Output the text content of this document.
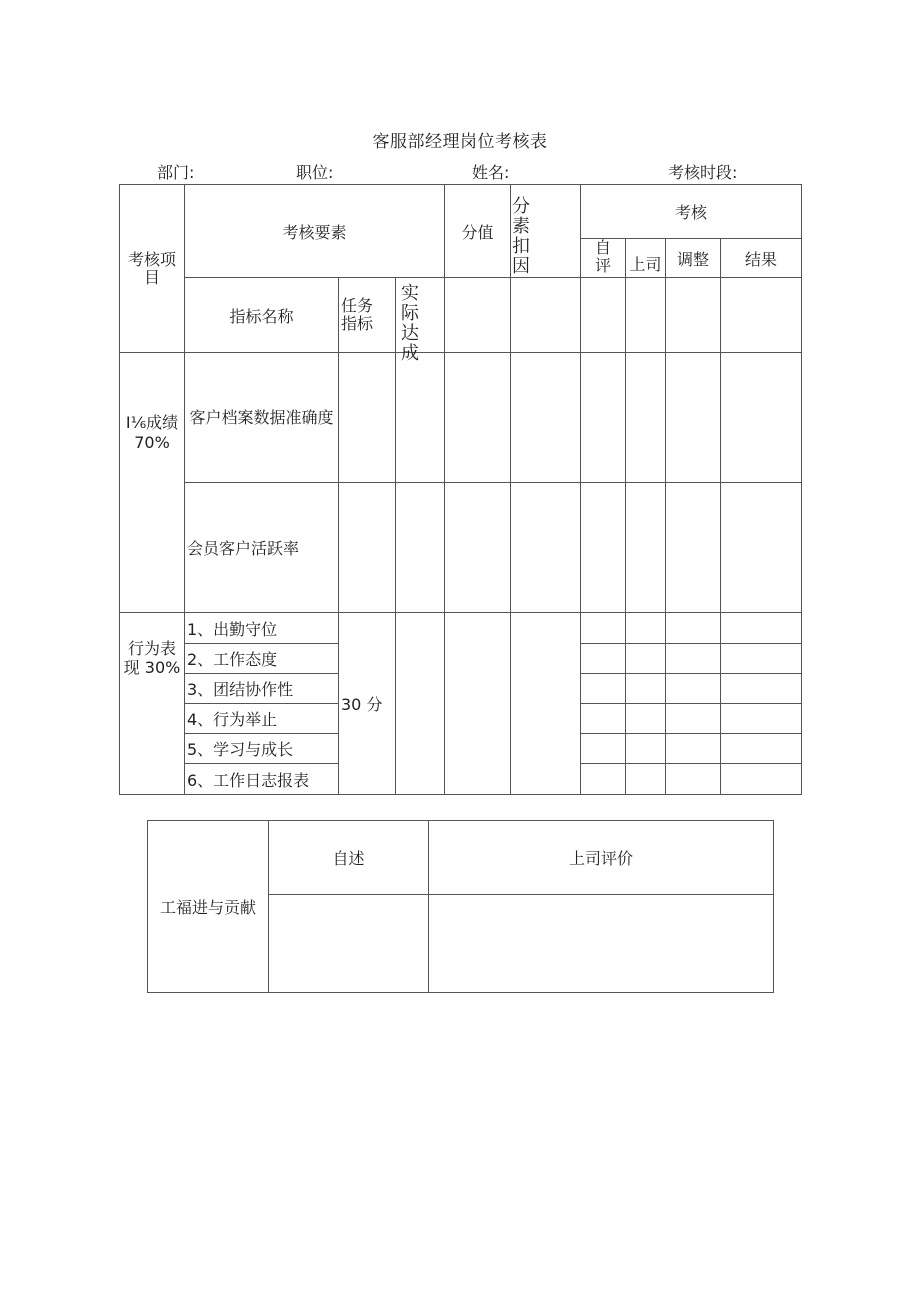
客服部经理岗位考核表
部门:	职位:	姓名:	考核时段:
考核项目	考核要素			分值	分素扣因	考核			

						自评	上司	调整	结果
	指标名称	任务指标	实际达成						

I⅙成绩70%	客户档案数据准确度								

	会员客户活跃率								

行为表现 30%	1、出勤守位	30 分							
	2、工作态度								
	3、团结协作性								
	4、行为举止								
	5、学习与成长								
	6、工作日志报表								
工福进与贡献	自述	上司评价
